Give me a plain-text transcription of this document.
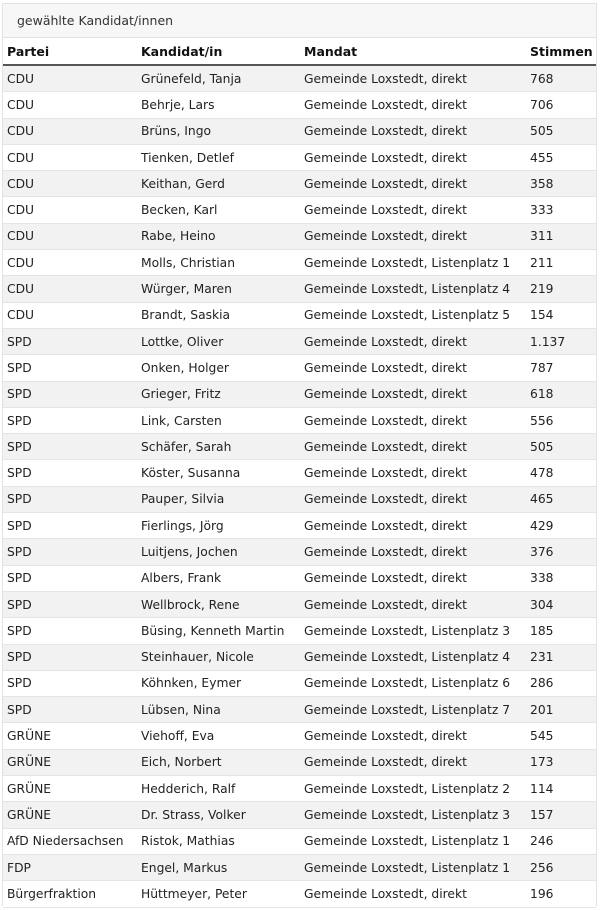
gewählte Kandidat/innen
Partei	Kandidat/in	Mandat	Stimmen
CDU	Grünefeld, Tanja	Gemeinde Loxstedt, direkt	768
CDU	Behrje, Lars	Gemeinde Loxstedt, direkt	706
CDU	Brüns, Ingo	Gemeinde Loxstedt, direkt	505
CDU	Tienken, Detlef	Gemeinde Loxstedt, direkt	455
CDU	Keithan, Gerd	Gemeinde Loxstedt, direkt	358
CDU	Becken, Karl	Gemeinde Loxstedt, direkt	333
CDU	Rabe, Heino	Gemeinde Loxstedt, direkt	311
CDU	Molls, Christian	Gemeinde Loxstedt, Listenplatz 1	211
CDU	Würger, Maren	Gemeinde Loxstedt, Listenplatz 4	219
CDU	Brandt, Saskia	Gemeinde Loxstedt, Listenplatz 5	154
SPD	Lottke, Oliver	Gemeinde Loxstedt, direkt	1.137
SPD	Onken, Holger	Gemeinde Loxstedt, direkt	787
SPD	Grieger, Fritz	Gemeinde Loxstedt, direkt	618
SPD	Link, Carsten	Gemeinde Loxstedt, direkt	556
SPD	Schäfer, Sarah	Gemeinde Loxstedt, direkt	505
SPD	Köster, Susanna	Gemeinde Loxstedt, direkt	478
SPD	Pauper, Silvia	Gemeinde Loxstedt, direkt	465
SPD	Fierlings, Jörg	Gemeinde Loxstedt, direkt	429
SPD	Luitjens, Jochen	Gemeinde Loxstedt, direkt	376
SPD	Albers, Frank	Gemeinde Loxstedt, direkt	338
SPD	Wellbrock, Rene	Gemeinde Loxstedt, direkt	304
SPD	Büsing, Kenneth Martin	Gemeinde Loxstedt, Listenplatz 3	185
SPD	Steinhauer, Nicole	Gemeinde Loxstedt, Listenplatz 4	231
SPD	Köhnken, Eymer	Gemeinde Loxstedt, Listenplatz 6	286
SPD	Lübsen, Nina	Gemeinde Loxstedt, Listenplatz 7	201
GRÜNE	Viehoff, Eva	Gemeinde Loxstedt, direkt	545
GRÜNE	Eich, Norbert	Gemeinde Loxstedt, direkt	173
GRÜNE	Hedderich, Ralf	Gemeinde Loxstedt, Listenplatz 2	114
GRÜNE	Dr. Strass, Volker	Gemeinde Loxstedt, Listenplatz 3	157
AfD Niedersachsen	Ristok, Mathias	Gemeinde Loxstedt, Listenplatz 1	246
FDP	Engel, Markus	Gemeinde Loxstedt, Listenplatz 1	256
Bürgerfraktion	Hüttmeyer, Peter	Gemeinde Loxstedt, direkt	196
